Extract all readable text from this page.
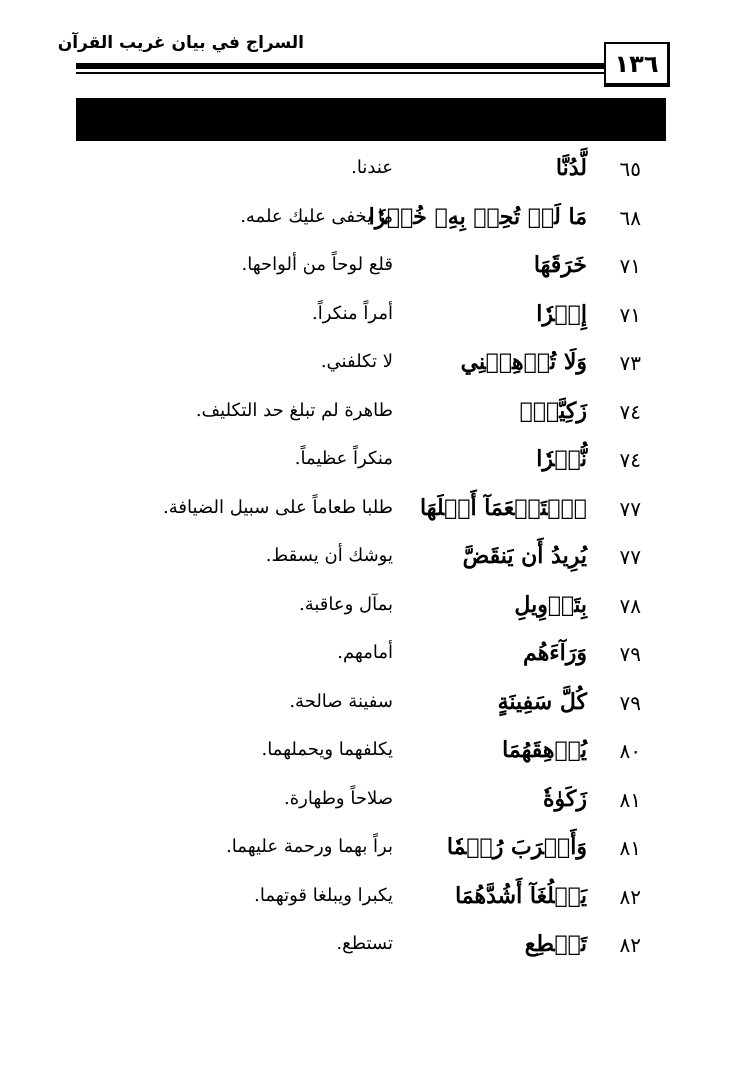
السراج في بيان غريب القرآن
١٣٦
٦٥
لَّدُنَّا
عندنا.
٦٨
مَا لَمۡ تُحِطۡ بِهِۦ خُبۡرٗا
ما يخفى عليك علمه.
٧١
خَرَقَهَا
قلع لوحاً من ألواحها.
٧١
إِمۡرٗا
أمراً منكراً.
٧٣
وَلَا تُرۡهِقۡنِي
لا تكلفني.
٧٤
زَكِيَّةَۢ
طاهرة لم تبلغ حد التكليف.
٧٤
نُّكۡرٗا
منكراً عظيماً.
٧٧
ٱسۡتَطۡعَمَآ أَهۡلَهَا
طلبا طعاماً على سبيل الضيافة.
٧٧
يُرِيدُ أَن يَنقَضَّ
يوشك أن يسقط.
٧٨
بِتَأۡوِيلِ
بمآل وعاقبة.
٧٩
وَرَآءَهُم
أمامهم.
٧٩
كُلَّ سَفِينَةٍ
سفينة صالحة.
٨٠
يُرۡهِقَهُمَا
يكلفهما ويحملهما.
٨١
زَكَوٰةٗ
صلاحاً وطهارة.
٨١
وَأَقۡرَبَ رُحۡمٗا
براً بهما ورحمة عليهما.
٨٢
يَبۡلُغَآ أَشُدَّهُمَا
يكبرا ويبلغا قوتهما.
٨٢
تَسۡطِع
تستطع.
